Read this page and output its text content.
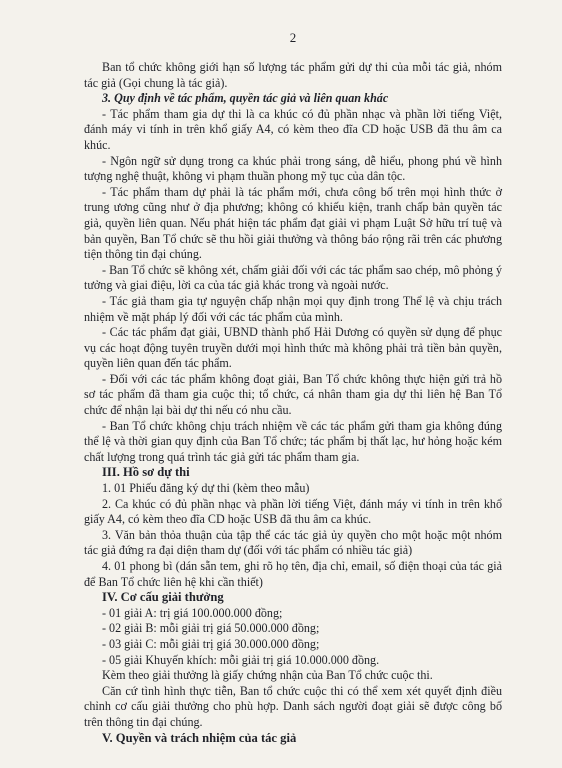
2

Ban tổ chức không giới hạn số lượng tác phẩm gửi dự thi của mỗi tác giả, nhóm tác giả (Gọi chung là tác giả).

3. Quy định về tác phẩm, quyền tác giả và liên quan khác

- Tác phẩm tham gia dự thi là ca khúc có đủ phần nhạc và phần lời tiếng Việt, đánh máy vi tính in trên khổ giấy A4, có kèm theo đĩa CD hoặc USB đã thu âm ca khúc.

- Ngôn ngữ sử dụng trong ca khúc phải trong sáng, dễ hiểu, phong phú về hình tượng nghệ thuật, không vi phạm thuần phong mỹ tục của dân tộc.

- Tác phẩm tham dự phải là tác phẩm mới, chưa công bố trên mọi hình thức ở trung ương cũng như ở địa phương; không có khiếu kiện, tranh chấp bản quyền tác giả, quyền liên quan. Nếu phát hiện tác phẩm đạt giải vi phạm Luật Sở hữu trí tuệ và bản quyền, Ban Tổ chức sẽ thu hồi giải thưởng và thông báo rộng rãi trên các phương tiện thông tin đại chúng.

- Ban Tổ chức sẽ không xét, chấm giải đối với các tác phẩm sao chép, mô phỏng ý tưởng và giai điệu, lời ca của tác giả khác trong và ngoài nước.

- Tác giả tham gia tự nguyện chấp nhận mọi quy định trong Thể lệ và chịu trách nhiệm về mặt pháp lý đối với các tác phẩm của mình.

- Các tác phẩm đạt giải, UBND thành phố Hải Dương có quyền sử dụng để phục vụ các hoạt động tuyên truyền dưới mọi hình thức mà không phải trả tiền bản quyền, quyền liên quan đến tác phẩm.

- Đối với các tác phẩm không đoạt giải, Ban Tổ chức không thực hiện gửi trả hồ sơ tác phẩm đã tham gia cuộc thi; tổ chức, cá nhân tham gia dự thi liên hệ Ban Tổ chức để nhận lại bài dự thi nếu có nhu cầu.

- Ban Tổ chức không chịu trách nhiệm về các tác phẩm gửi tham gia không đúng thể lệ và thời gian quy định của Ban Tổ chức; tác phẩm bị thất lạc, hư hỏng hoặc kém chất lượng trong quá trình tác giả gửi tác phẩm tham gia.

III. Hồ sơ dự thi

1. 01 Phiếu đăng ký dự thi (kèm theo mẫu)

2. Ca khúc có đủ phần nhạc và phần lời tiếng Việt, đánh máy vi tính in trên khổ giấy A4, có kèm theo đĩa CD hoặc USB đã thu âm ca khúc.

3. Văn bản thỏa thuận của tập thể các tác giả ủy quyền cho một hoặc một nhóm tác giả đứng ra đại diện tham dự (đối với tác phẩm có nhiều tác giả)

4. 01 phong bì (dán sẵn tem, ghi rõ họ tên, địa chỉ, email, số điện thoại của tác giả để Ban Tổ chức liên hệ khi cần thiết)

IV. Cơ cấu giải thưởng

- 01 giải A: trị giá 100.000.000 đồng;

- 02 giải B: mỗi giải trị giá 50.000.000 đồng;

- 03 giải C: mỗi giải trị giá 30.000.000 đồng;

- 05 giải Khuyến khích: mỗi giải trị giá 10.000.000 đồng.

Kèm theo giải thưởng là giấy chứng nhận của Ban Tổ chức cuộc thi.

Căn cứ tình hình thực tiễn, Ban tổ chức cuộc thi có thể xem xét quyết định điều chỉnh cơ cấu giải thưởng cho phù hợp. Danh sách người đoạt giải sẽ được công bố trên thông tin đại chúng.

V. Quyền và trách nhiệm của tác giả
